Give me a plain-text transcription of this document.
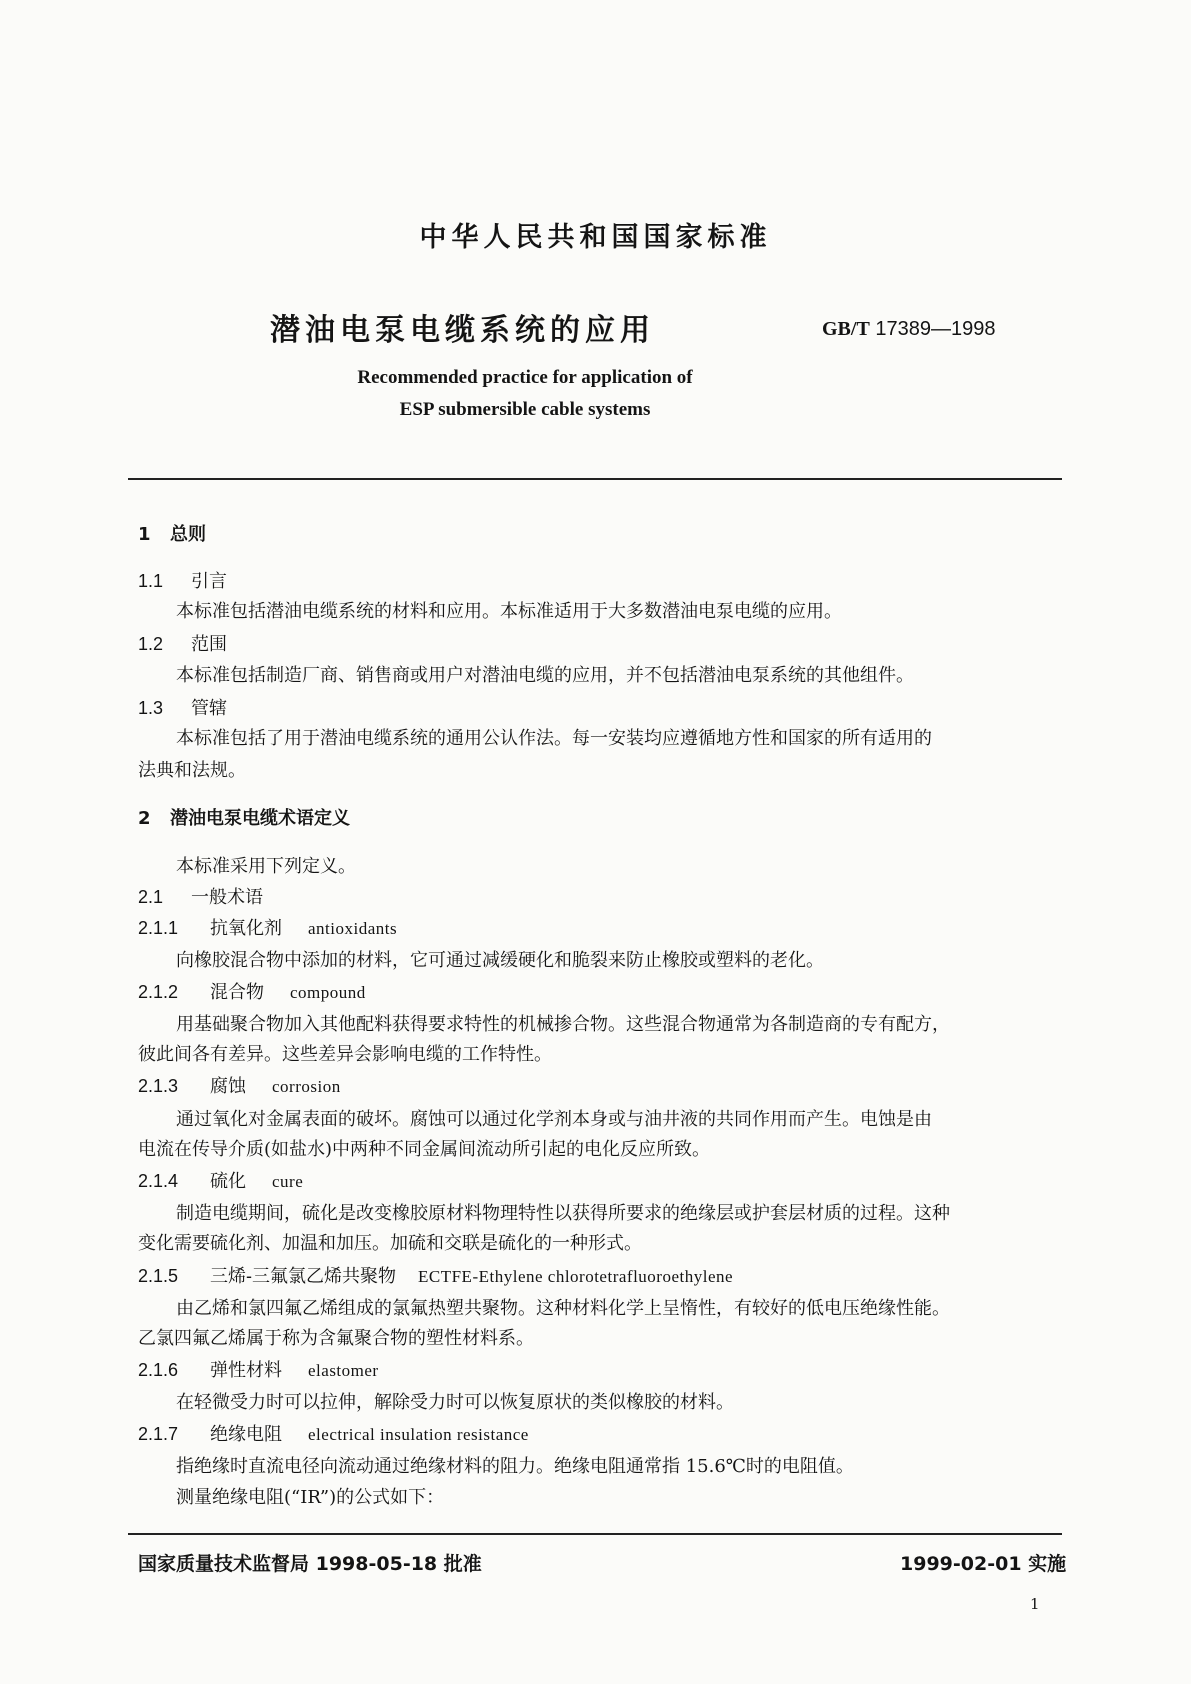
中华人民共和国国家标准
潜油电泵电缆系统的应用	GB/T 17389—1998
Recommended practice for application of
ESP submersible cable systems
1 总则
1.1 引言
本标准包括潜油电缆系统的材料和应用。本标准适用于大多数潜油电泵电缆的应用。
1.2 范围
本标准包括制造厂商、销售商或用户对潜油电缆的应用，并不包括潜油电泵系统的其他组件。
1.3 管辖
本标准包括了用于潜油电缆系统的通用公认作法。每一安装均应遵循地方性和国家的所有适用的
法典和法规。
2 潜油电泵电缆术语定义
本标准采用下列定义。
2.1 一般术语
2.1.1 抗氧化剂 antioxidants
向橡胶混合物中添加的材料，它可通过减缓硬化和脆裂来防止橡胶或塑料的老化。
2.1.2 混合物 compound
用基础聚合物加入其他配料获得要求特性的机械掺合物。这些混合物通常为各制造商的专有配方，
彼此间各有差异。这些差异会影响电缆的工作特性。
2.1.3 腐蚀 corrosion
通过氧化对金属表面的破坏。腐蚀可以通过化学剂本身或与油井液的共同作用而产生。电蚀是由
电流在传导介质(如盐水)中两种不同金属间流动所引起的电化反应所致。
2.1.4 硫化 cure
制造电缆期间，硫化是改变橡胶原材料物理特性以获得所要求的绝缘层或护套层材质的过程。这种
变化需要硫化剂、加温和加压。加硫和交联是硫化的一种形式。
2.1.5 三烯-三氟氯乙烯共聚物 ECTFE-Ethylene chlorotetrafluoroethylene
由乙烯和氯四氟乙烯组成的氯氟热塑共聚物。这种材料化学上呈惰性，有较好的低电压绝缘性能。
乙氯四氟乙烯属于称为含氟聚合物的塑性材料系。
2.1.6 弹性材料 elastomer
在轻微受力时可以拉伸，解除受力时可以恢复原状的类似橡胶的材料。
2.1.7 绝缘电阻 electrical insulation resistance
指绝缘时直流电径向流动通过绝缘材料的阻力。绝缘电阻通常指 15.6℃时的电阻值。
测量绝缘电阻(“IR”)的公式如下：
国家质量技术监督局 1998-05-18 批准	1999-02-01 实施
1
